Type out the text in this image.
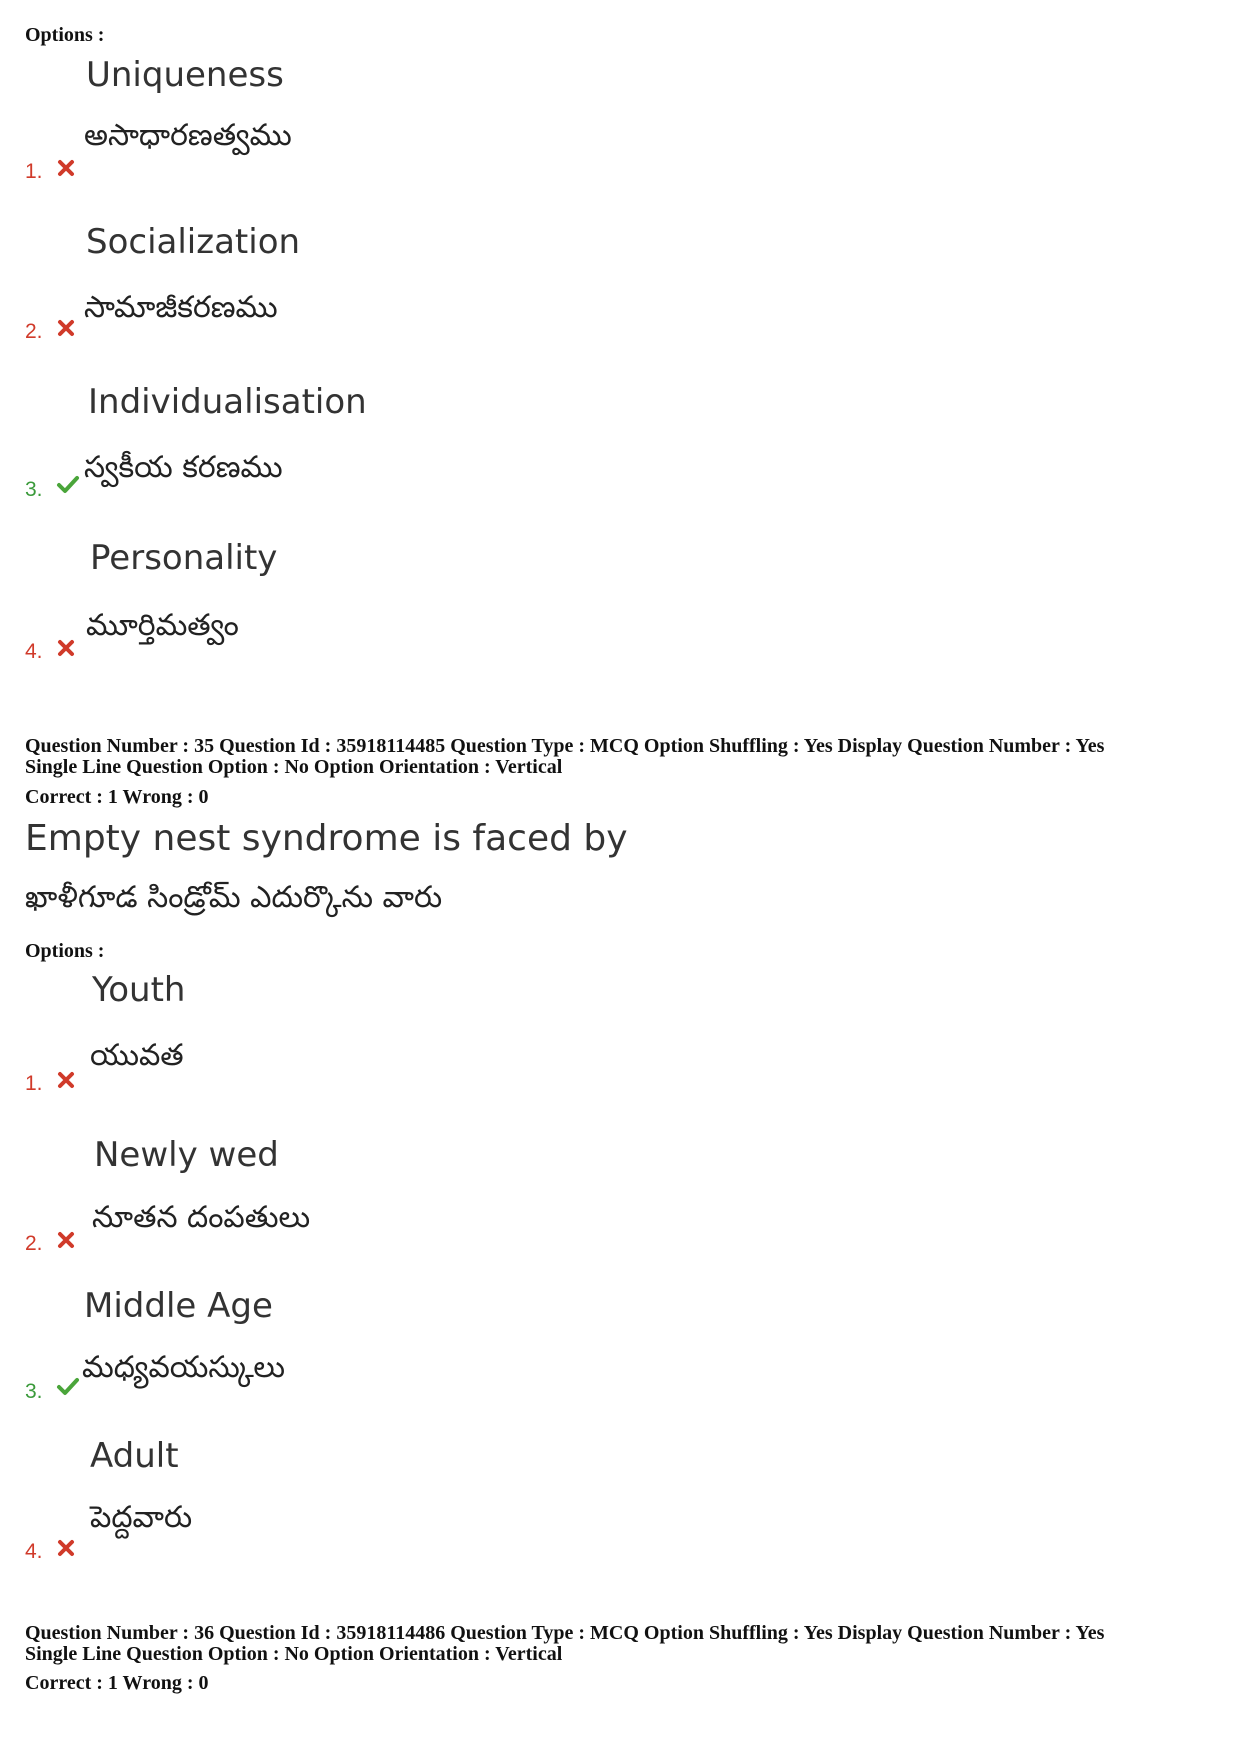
Options :
Uniqueness
అసాధారణత్వము
1.
Socialization
సామాజీకరణము
2.
Individualisation
స్వకీయ కరణము
3.
Personality
మూర్తిమత్వం
4.
Question Number : 35 Question Id : 35918114485 Question Type : MCQ Option Shuffling : Yes Display Question Number : Yes
Single Line Question Option : No Option Orientation : Vertical
Correct : 1 Wrong : 0
Empty nest syndrome is faced by
ఖాళీగూడ సిండ్రోమ్ ఎదుర్కొను వారు
Options :
Youth
యువత
1.
Newly wed
నూతన దంపతులు
2.
Middle Age
మధ్యవయస్కులు
3.
Adult
పెద్దవారు
4.
Question Number : 36 Question Id : 35918114486 Question Type : MCQ Option Shuffling : Yes Display Question Number : Yes
Single Line Question Option : No Option Orientation : Vertical
Correct : 1 Wrong : 0
